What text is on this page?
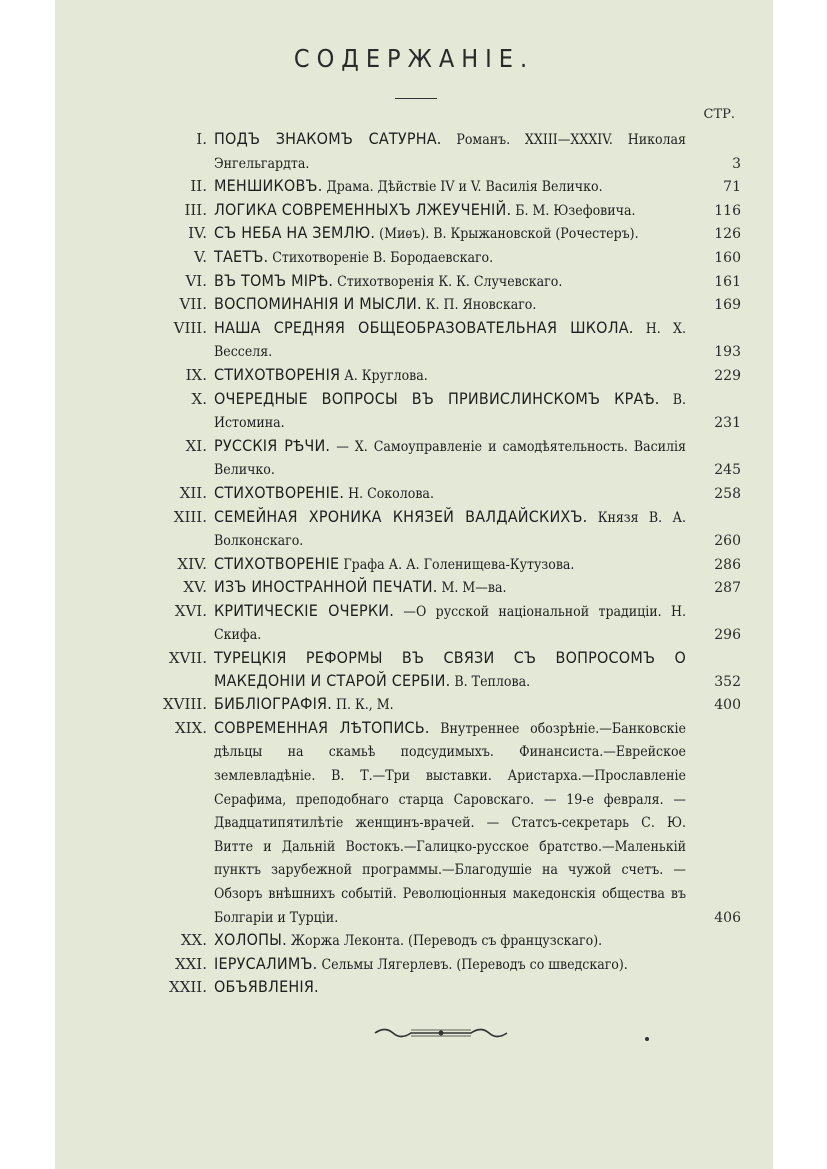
СОДЕРЖАНІЕ.
СТР.
I. ПОДЪ ЗНАКОМЪ САТУРНА. Романъ. XXIII—XXXIV. Николая Энгельгардта.	3
II. МЕНШИКОВЪ. Драма. Дѣйствіе IV и V. Василія Величко.	71
III. ЛОГИКА СОВРЕМЕННЫХЪ ЛЖЕУЧЕНІЙ. Б. М. Юзефовича.	116
IV. СЪ НЕБА НА ЗЕМЛЮ. (Миѳъ). В. Крыжановской (Рочестеръ).	126
V. ТАЕТЪ. Стихотвореніе В. Бородаевскаго.	160
VI. ВЪ ТОМЪ МІРѢ. Стихотворенія К. К. Случевскаго.	161
VII. ВОСПОМИНАНІЯ И МЫСЛИ. К. П. Яновскаго.	169
VIII. НАША СРЕДНЯЯ ОБЩЕОБРАЗОВАТЕЛЬНАЯ ШКОЛА. Н. Х. Весселя.	193
IX. СТИХОТВОРЕНІЯ А. Круглова.	229
X. ОЧЕРЕДНЫЕ ВОПРОСЫ ВЪ ПРИВИСЛИНСКОМЪ КРАѢ. В. Истомина.	231
XI. РУССКІЯ РѢЧИ. — Х. Самоуправленіе и самодѣятельность. Василія Величко.	245
XII. СТИХОТВОРЕНІЕ. Н. Соколова.	258
XIII. СЕМЕЙНАЯ ХРОНИКА КНЯЗЕЙ ВАЛДАЙСКИХЪ. Князя В. А. Волконскаго.	260
XIV. СТИХОТВОРЕНІЕ Графа А. А. Голенищева-Кутузова.	286
XV. ИЗЪ ИНОСТРАННОЙ ПЕЧАТИ. М. М—ва.	287
XVI. КРИТИЧЕСКІЕ ОЧЕРКИ. —О русской національной традиціи. Н. Скифа.	296
XVII. ТУРЕЦКІЯ РЕФОРМЫ ВЪ СВЯЗИ СЪ ВОПРОСОМЪ О МАКЕДОНІИ И СТАРОЙ СЕРБІИ. В. Теплова.	352
XVIII. БИБЛІОГРАФІЯ. П. К., М.	400
XIX. СОВРЕМЕННАЯ ЛѢТОПИСЬ. Внутреннее обозрѣніе.—Банковскіе дѣльцы на скамьѣ подсудимыхъ. Финансиста.—Еврейское землевладѣніе. В. Т.—Три выставки. Аристарха.—Прославленіе Серафима, преподобнаго старца Саровскаго. — 19-е февраля. — Двадцатипятилѣтіе женщинъ-врачей. — Статсъ-секретарь С. Ю. Витте и Дальній Востокъ.—Галицко-русское братство.—Маленькій пунктъ зарубежной программы.—Благодушіе на чужой счетъ. — Обзоръ внѣшнихъ событій. Революціонныя македонскія общества въ Болгаріи и Турціи.	406
XX. ХОЛОПЫ. Жоржа Леконта. (Переводъ съ французскаго).
XXI. ІЕРУСАЛИМЪ. Сельмы Лягерлевъ. (Переводъ со шведскаго).
XXII. ОБЪЯВЛЕНІЯ.
